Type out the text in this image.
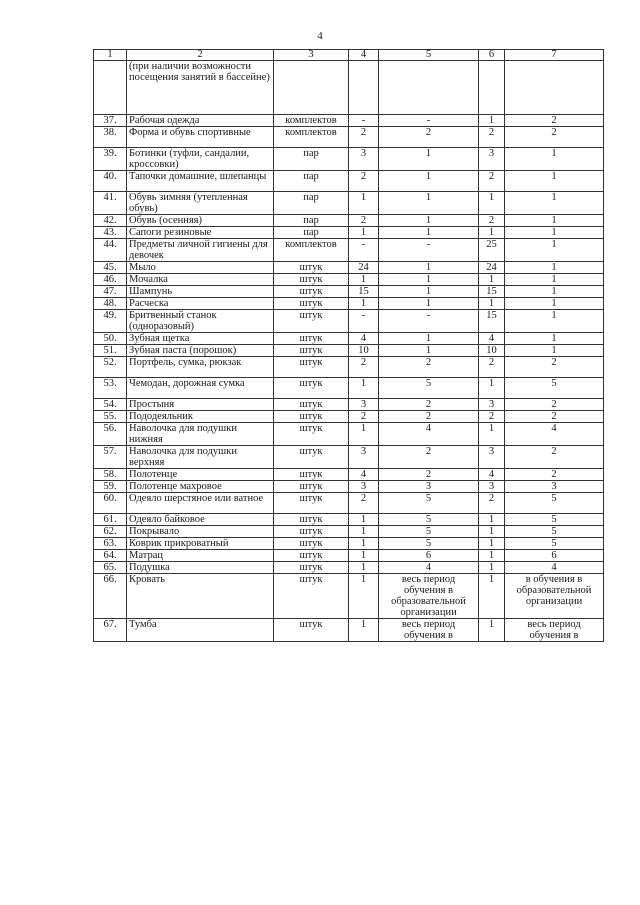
4
1	2	3	4	5	6	7
	(при наличии возможности посещения занятий в бассейне)					
37.	Рабочая одежда	комплектов	-	-	1	2
38.	Форма и обувь спортивные	комплектов	2	2	2	2
39.	Ботинки (туфли, сандалии, кроссовки)	пар	3	1	3	1
40.	Тапочки домашние, шлепанцы	пар	2	1	2	1
41.	Обувь зимняя (утепленная обувь)	пар	1	1	1	1
42.	Обувь (осенняя)	пар	2	1	2	1
43.	Сапоги резиновые	пар	1	1	1	1
44.	Предметы личной гигиены для девочек	комплектов	-	-	25	1
45.	Мыло	штук	24	1	24	1
46.	Мочалка	штук	1	1	1	1
47.	Шампунь	штук	15	1	15	1
48.	Расческа	штук	1	1	1	1
49.	Бритвенный станок (одноразовый)	штук	-	-	15	1
50.	Зубная щетка	штук	4	1	4	1
51.	Зубная паста (порошок)	штук	10	1	10	1
52.	Портфель, сумка, рюкзак	штук	2	2	2	2
53.	Чемодан, дорожная сумка	штук	1	5	1	5
54.	Простыня	штук	3	2	3	2
55.	Пододеяльник	штук	2	2	2	2
56.	Наволочка для подушки нижняя	штук	1	4	1	4
57.	Наволочка для подушки верхняя	штук	3	2	3	2
58.	Полотенце	штук	4	2	4	2
59.	Полотенце махровое	штук	3	3	3	3
60.	Одеяло шерстяное или ватное	штук	2	5	2	5
61.	Одеяло байковое	штук	1	5	1	5
62.	Покрывало	штук	1	5	1	5
63.	Коврик прикроватный	штук	1	5	1	5
64.	Матрац	штук	1	6	1	6
65.	Подушка	штук	1	4	1	4
66.	Кровать	штук	1	весь период обучения в образовательной организации	1	в обучения в образовательной организации
67.	Тумба	штук	1	весь период обучения в	1	весь период обучения в
